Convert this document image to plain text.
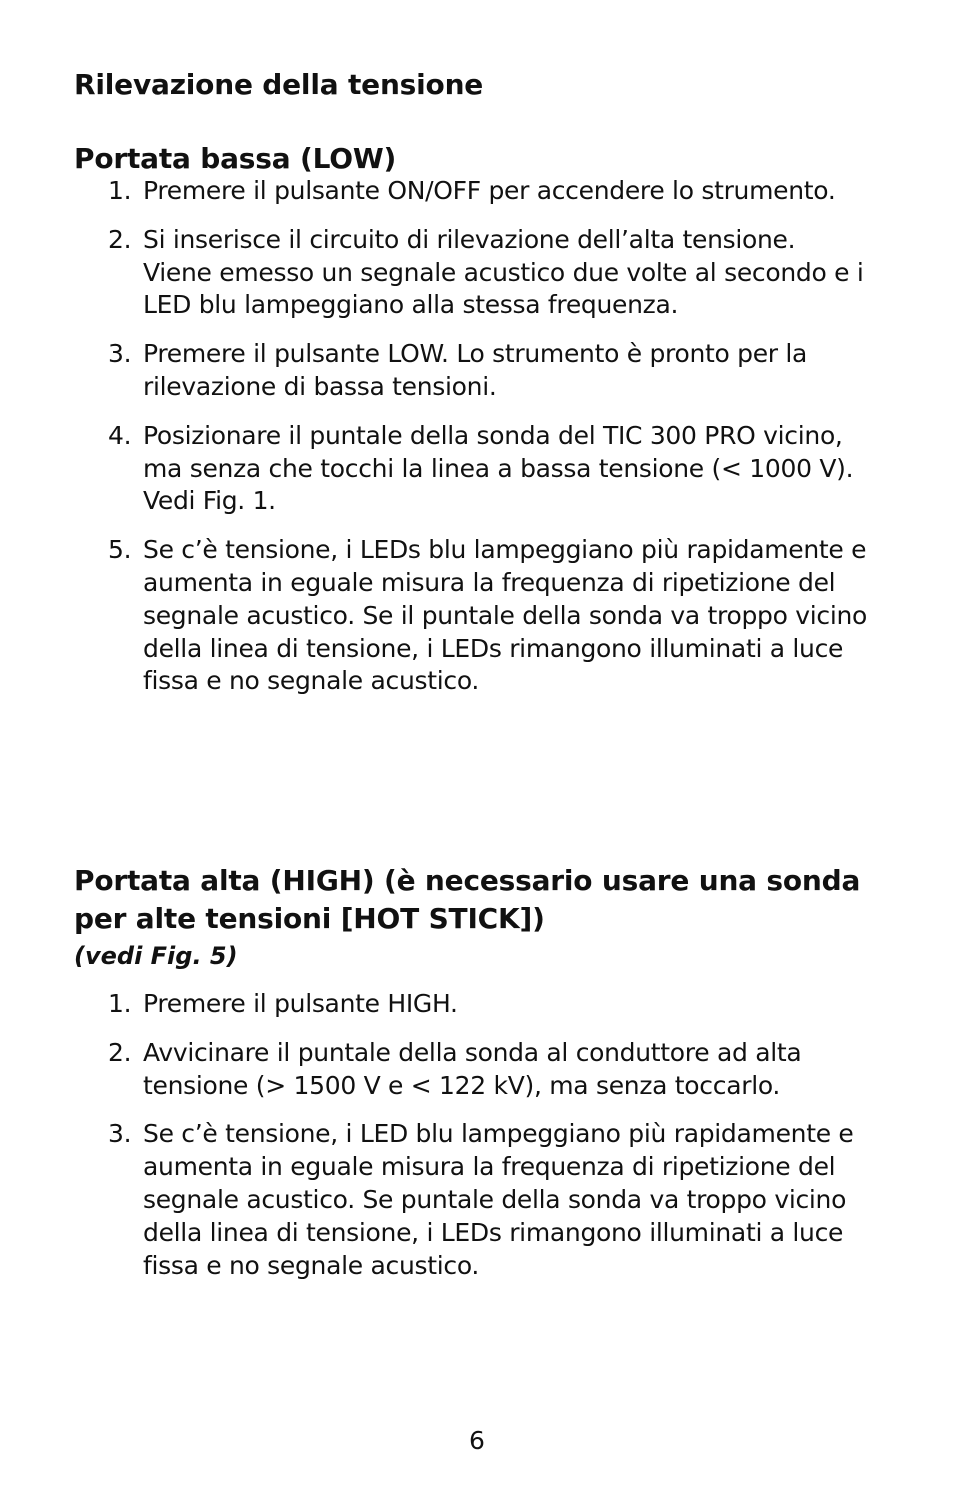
Rilevazione della tensione
Portata bassa (LOW)
1. Premere il pulsante ON/OFF per accendere lo strumento.
2. Si inserisce il circuito di rilevazione dell’alta tensione. Viene emesso un segnale acustico due volte al secondo e i LED blu lampeggiano alla stessa frequenza.
3. Premere il pulsante LOW. Lo strumento è pronto per la rilevazione di bassa tensioni.
4. Posizionare il puntale della sonda del TIC 300 PRO vicino, ma senza che tocchi la linea a bassa tensione (< 1000 V). Vedi Fig. 1.
5. Se c’è tensione, i LEDs blu lampeggiano più rapidamente e aumenta in eguale misura la frequenza di ripetizione del segnale acustico. Se il puntale della sonda va troppo vicino della linea di tensione, i LEDs rimangono illuminati a luce fissa e no segnale acustico.
Portata alta (HIGH) (è necessario usare una sonda per alte tensioni [HOT STICK])
(vedi Fig. 5)
1. Premere il pulsante HIGH.
2. Avvicinare il puntale della sonda al conduttore ad alta tensione (> 1500 V e < 122 kV), ma senza toccarlo.
3. Se c’è tensione, i LED blu lampeggiano più rapidamente e aumenta in eguale misura la frequenza di ripetizione del segnale acustico. Se puntale della sonda va troppo vicino della linea di tensione, i LEDs rimangono illuminati a luce fissa e no segnale acustico.
6
